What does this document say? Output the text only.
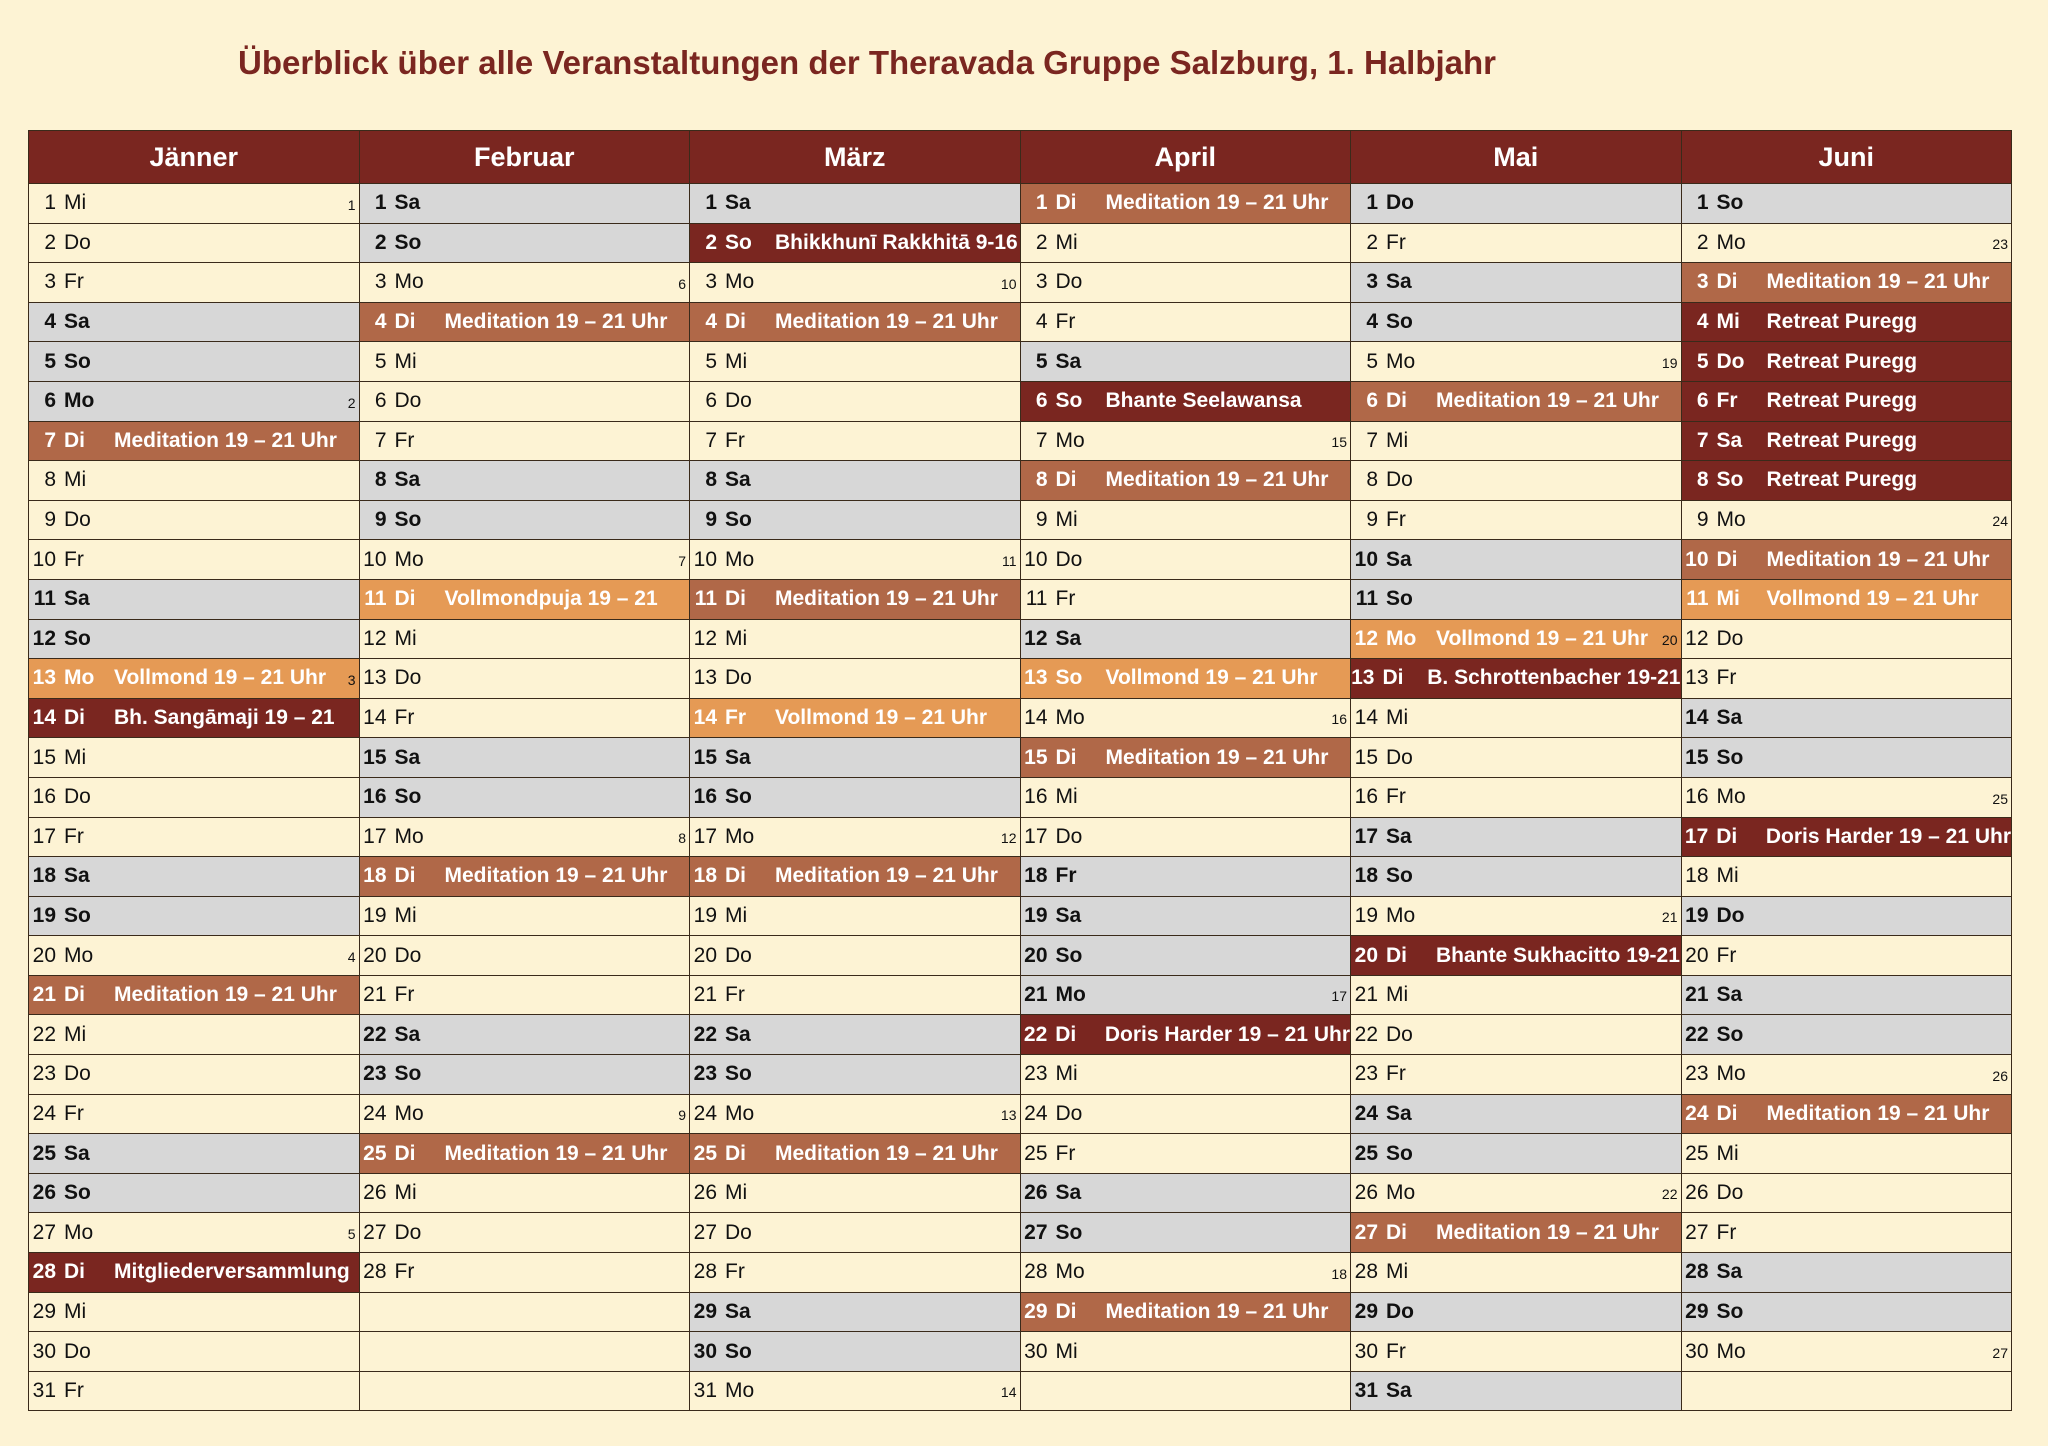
Überblick über alle Veranstaltungen der Theravada Gruppe Salzburg, 1. Halbjahr
Jänner	Februar	März	April	Mai	Juni

1 Mi 1	1 Sa	1 Sa	1 Di Meditation 19 – 21 Uhr	1 Do	1 So

2 Do	2 So	2 So Bhikkhunī Rakkhitā 9-16	2 Mi	2 Fr	2 Mo 23

3 Fr	3 Mo 6	3 Mo 10	3 Do	3 Sa	3 Di Meditation 19 – 21 Uhr

4 Sa	4 Di Meditation 19 – 21 Uhr	4 Di Meditation 19 – 21 Uhr	4 Fr	4 So	4 Mi Retreat Puregg

5 So	5 Mi	5 Mi	5 Sa	5 Mo 19	5 Do Retreat Puregg

6 Mo 2	6 Do	6 Do	6 So Bhante Seelawansa	6 Di Meditation 19 – 21 Uhr	6 Fr Retreat Puregg

7 Di Meditation 19 – 21 Uhr	7 Fr	7 Fr	7 Mo 15	7 Mi	7 Sa Retreat Puregg

8 Mi	8 Sa	8 Sa	8 Di Meditation 19 – 21 Uhr	8 Do	8 So Retreat Puregg

9 Do	9 So	9 So	9 Mi	9 Fr	9 Mo 24

10 Fr	10 Mo 7	10 Mo 11	10 Do	10 Sa	10 Di Meditation 19 – 21 Uhr

11 Sa	11 Di Vollmondpuja 19 – 21	11 Di Meditation 19 – 21 Uhr	11 Fr	11 So	11 Mi Vollmond 19 – 21 Uhr

12 So	12 Mi	12 Mi	12 Sa	12 Mo Vollmond 19 – 21 Uhr 20	12 Do

13 Mo Vollmond 19 – 21 Uhr 3	13 Do	13 Do	13 So Vollmond 19 – 21 Uhr	13 Di B. Schrottenbacher 19-21	13 Fr

14 Di Bh. Sangāmaji 19 – 21	14 Fr	14 Fr Vollmond 19 – 21 Uhr	14 Mo 16	14 Mi	14 Sa

15 Mi	15 Sa	15 Sa	15 Di Meditation 19 – 21 Uhr	15 Do	15 So

16 Do	16 So	16 So	16 Mi	16 Fr	16 Mo 25

17 Fr	17 Mo 8	17 Mo 12	17 Do	17 Sa	17 Di Doris Harder 19 – 21 Uhr

18 Sa	18 Di Meditation 19 – 21 Uhr	18 Di Meditation 19 – 21 Uhr	18 Fr	18 So	18 Mi

19 So	19 Mi	19 Mi	19 Sa	19 Mo 21	19 Do

20 Mo 4	20 Do	20 Do	20 So	20 Di Bhante Sukhacitto 19-21	20 Fr

21 Di Meditation 19 – 21 Uhr	21 Fr	21 Fr	21 Mo 17	21 Mi	21 Sa

22 Mi	22 Sa	22 Sa	22 Di Doris Harder 19 – 21 Uhr	22 Do	22 So

23 Do	23 So	23 So	23 Mi	23 Fr	23 Mo 26

24 Fr	24 Mo 9	24 Mo 13	24 Do	24 Sa	24 Di Meditation 19 – 21 Uhr

25 Sa	25 Di Meditation 19 – 21 Uhr	25 Di Meditation 19 – 21 Uhr	25 Fr	25 So	25 Mi

26 So	26 Mi	26 Mi	26 Sa	26 Mo 22	26 Do

27 Mo 5	27 Do	27 Do	27 So	27 Di Meditation 19 – 21 Uhr	27 Fr

28 Di Mitgliederversammlung	28 Fr	28 Fr	28 Mo 18	28 Mi	28 Sa

29 Mi		29 Sa	29 Di Meditation 19 – 21 Uhr	29 Do	29 So

30 Do		30 So	30 Mi	30 Fr	30 Mo 27

31 Fr		31 Mo 14		31 Sa	
